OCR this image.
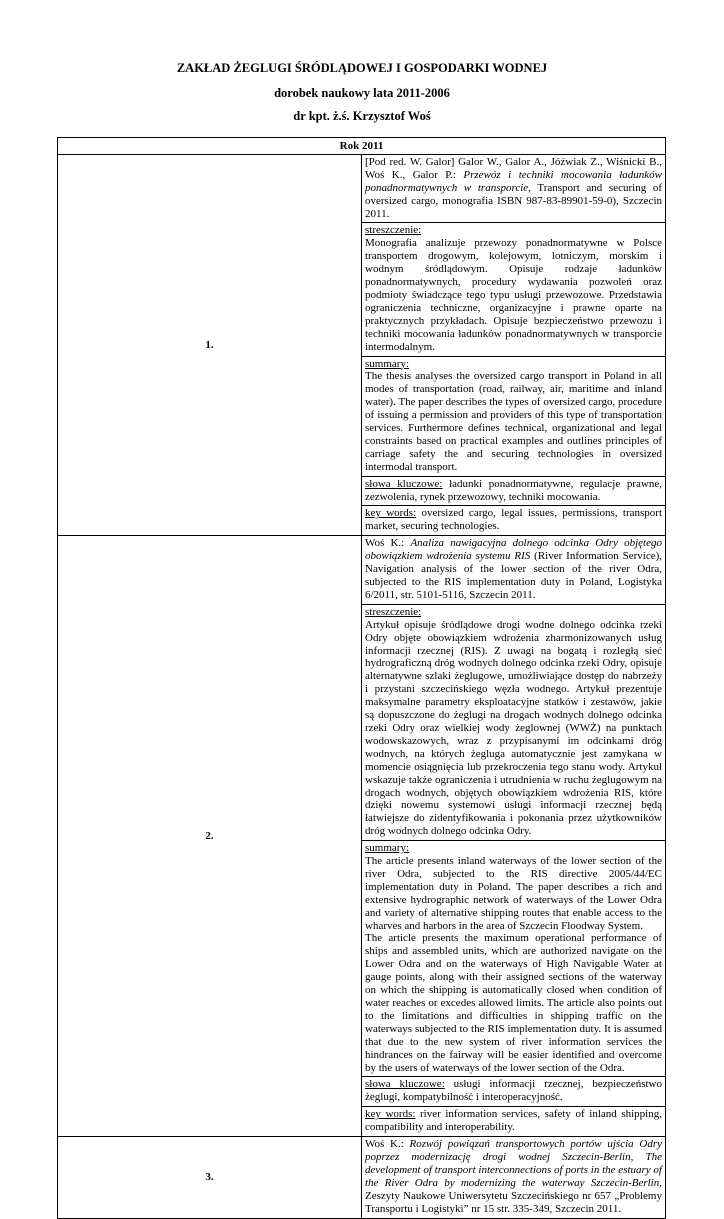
ZAKŁAD ŻEGLUGI ŚRÓDLĄDOWEJ I GOSPODARKI WODNEJ
dorobek naukowy lata 2011-2006
dr kpt. ż.ś. Krzysztof Woś
Rok 2011	
1.	[Pod red. W. Galor] Galor W., Galor A., Jóźwiak Z., Wiśnicki B., Woś K., Galor P.: Przewóz i techniki mocowania ładunków ponadnormatywnych w transporcie, Transport and securing of oversized cargo, monografia ISBN 987-83-89901-59-0), Szczecin 2011.

	streszczenie:
Monografia analizuje przewozy ponadnormatywne w Polsce transportem drogowym, kolejowym, lotniczym, morskim i wodnym śródlądowym. Opisuje rodzaje ładunków ponadnormatywnych, procedury wydawania pozwoleń oraz podmioty świadczące tego typu usługi przewozowe. Przedstawia ograniczenia techniczne, organizacyjne i prawne oparte na praktycznych przykładach. Opisuje bezpieczeństwo przewozu i techniki mocowania ładunków ponadnormatywnych w transporcie intermodalnym.

	summary:
The thesis analyses the oversized cargo transport in Poland in all modes of transportation (road, railway, air, maritime and inland water). The paper describes the types of oversized cargo, procedure of issuing a permission and providers of this type of transportation services. Furthermore defines technical, organizational and legal constraints based on practical examples and outlines principles of carriage safety the and securing technologies in oversized intermodal transport.
	słowa kluczowe: ładunki ponadnormatywne, regulacje prawne, zezwolenia, rynek przewozowy, techniki mocowania.
	key words: oversized cargo, legal issues, permissions, transport market, securing technologies.
2.	Woś K.: Analiza nawigacyjna dolnego odcinka Odry objętego obowiązkiem wdrożenia systemu RIS (River Information Service), Navigation analysis of the lower section of the river Odra, subjected to the RIS implementation duty in Poland, Logistyka 6/2011, str. 5101-5116, Szczecin 2011.

	streszczenie:
Artykuł opisuje śródlądowe drogi wodne dolnego odcinka rzeki Odry objęte obowiązkiem wdrożenia zharmonizowanych usług informacji rzecznej (RIS). Z uwagi na bogatą i rozległą sieć hydrograficzną dróg wodnych dolnego odcinka rzeki Odry, opisuje alternatywne szlaki żeglugowe, umożliwiające dostęp do nabrzeży i przystani szczecińskiego węzła wodnego. Artykuł prezentuje maksymalne parametry eksploatacyjne statków i zestawów, jakie są dopuszczone do żeglugi na drogach wodnych dolnego odcinka rzeki Odry oraz wielkiej wody żeglownej (WWŻ) na punktach wodowskazowych, wraz z przypisanymi im odcinkami dróg wodnych, na których żegluga automatycznie jest zamykana w momencie osiągnięcia lub przekroczenia tego stanu wody. Artykuł wskazuje także ograniczenia i utrudnienia w ruchu żeglugowym na drogach wodnych, objętych obowiązkiem wdrożenia RIS, które dzięki nowemu systemowi usługi informacji rzecznej będą łatwiejsze do zidentyfikowania i pokonania przez użytkowników dróg wodnych dolnego odcinka Odry.

	summary:
The article presents inland waterways of the lower section of the river Odra, subjected to the RIS directive 2005/44/EC implementation duty in Poland. The paper describes a rich and extensive hydrographic network of waterways of the Lower Odra and variety of alternative shipping routes that enable access to the wharves and harbors in the area of Szczecin Floodway System.
The article presents the maximum operational performance of ships and assembled units, which are authorized navigate on the Lower Odra and on the waterways of High Navigable Water at gauge points, along with their assigned sections of the waterway on which the shipping is automatically closed when condition of water reaches or excedes allowed limits. The article also points out to the limitations and difficulties in shipping traffic on the waterways subjected to the RIS implementation duty. It is assumed that due to the new system of river information services the hindrances on the fairway will be easier identified and overcome by the users of waterways of the lower section of the Odra.

	słowa kluczowe: usługi informacji rzecznej, bezpieczeństwo żeglugi, kompatybilność i interoperacyjność.
	key words: river information services, safety of inland shipping, compatibility and interoperability.
3.	Woś K.: Rozwój powiązań transportowych portów ujścia Odry poprzez modernizację drogi wodnej Szczecin-Berlin, The development of transport interconnections of ports in the estuary of the River Odra by modernizing the waterway Szczecin-Berlin, Zeszyty Naukowe Uniwersytetu Szczecińskiego nr 657 „Problemy Transportu i Logistyki” nr 15 str. 335-349, Szczecin 2011.
